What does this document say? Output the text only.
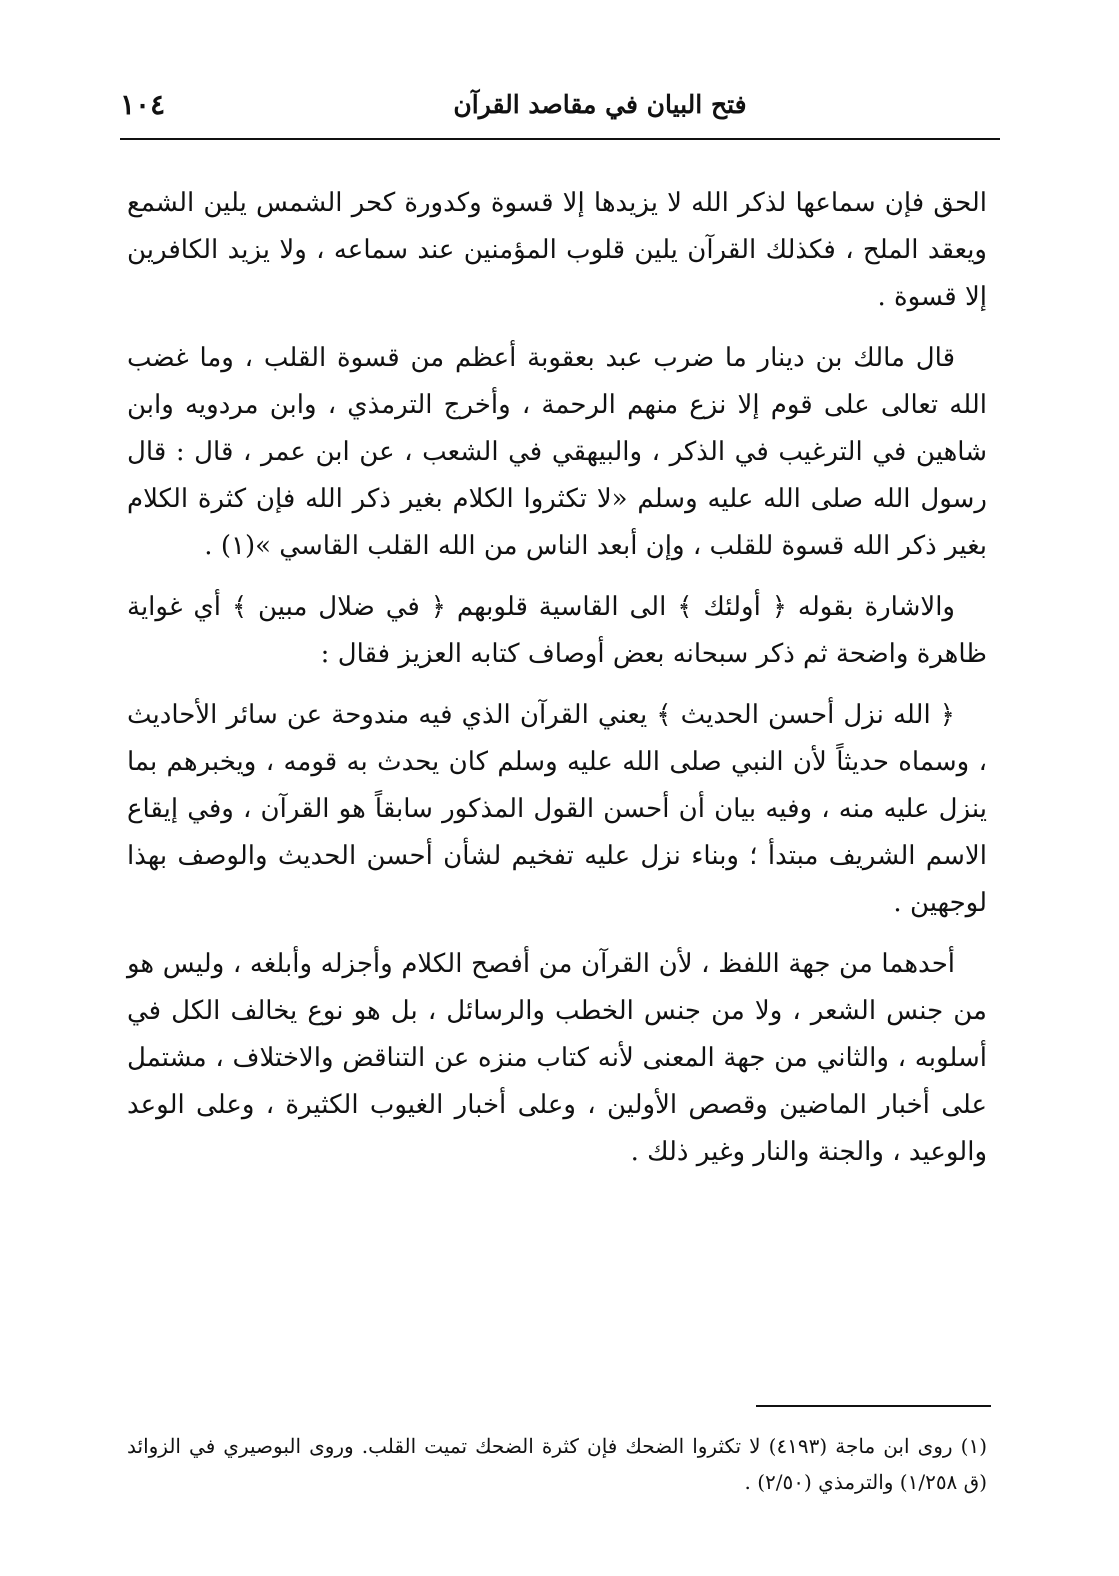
فتح البيان في مقاصد القرآن
١٠٤

الحق فإن سماعها لذكر الله لا يزيدها إلا قسوة وكدورة كحر الشمس يلين الشمع ويعقد الملح ، فكذلك القرآن يلين قلوب المؤمنين عند سماعه ، ولا يزيد الكافرين إلا قسوة .

قال مالك بن دينار ما ضرب عبد بعقوبة أعظم من قسوة القلب ، وما غضب الله تعالى على قوم إلا نزع منهم الرحمة ، وأخرج الترمذي ، وابن مردويه وابن شاهين في الترغيب في الذكر ، والبيهقي في الشعب ، عن ابن عمر ، قال : قال رسول الله صلى الله عليه وسلم «لا تكثروا الكلام بغير ذكر الله فإن كثرة الكلام بغير ذكر الله قسوة للقلب ، وإن أبعد الناس من الله القلب القاسي »(١) .

والاشارة بقوله ﴿ أولئك ﴾ الى القاسية قلوبهم ﴿ في ضلال مبين ﴾ أي غواية ظاهرة واضحة ثم ذكر سبحانه بعض أوصاف كتابه العزيز فقال :

﴿ الله نزل أحسن الحديث ﴾ يعني القرآن الذي فيه مندوحة عن سائر الأحاديث ، وسماه حديثاً لأن النبي صلى الله عليه وسلم كان يحدث به قومه ، ويخبرهم بما ينزل عليه منه ، وفيه بيان أن أحسن القول المذكور سابقاً هو القرآن ، وفي إيقاع الاسم الشريف مبتدأ ؛ وبناء نزل عليه تفخيم لشأن أحسن الحديث والوصف بهذا لوجهين .

أحدهما من جهة اللفظ ، لأن القرآن من أفصح الكلام وأجزله وأبلغه ، وليس هو من جنس الشعر ، ولا من جنس الخطب والرسائل ، بل هو نوع يخالف الكل في أسلوبه ، والثاني من جهة المعنى لأنه كتاب منزه عن التناقض والاختلاف ، مشتمل على أخبار الماضين وقصص الأولين ، وعلى أخبار الغيوب الكثيرة ، وعلى الوعد والوعيد ، والجنة والنار وغير ذلك .

(١) روى ابن ماجة (٤١٩٣) لا تكثروا الضحك فإن كثرة الضحك تميت القلب. وروى البوصيري في الزوائد (ق ١/٢٥٨) والترمذي (٢/٥٠) .
